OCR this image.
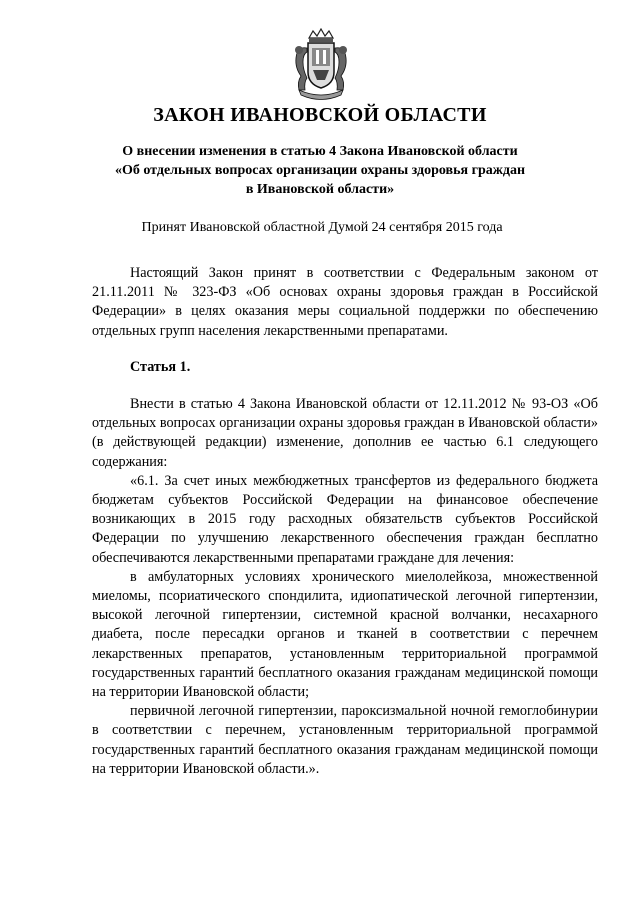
ЗАКОН ИВАНОВСКОЙ ОБЛАСТИ
О внесении изменения в статью 4 Закона Ивановской области
«Об отдельных вопросах организации охраны здоровья граждан
в Ивановской области»
Принят Ивановской областной Думой 24 сентября 2015 года

Настоящий Закон принят в соответствии с Федеральным законом от 21.11.2011 № 323-ФЗ «Об основах охраны здоровья граждан в Российской Федерации» в целях оказания меры социальной поддержки по обеспечению отдельных групп населения лекарственными препаратами.

Статья 1.

Внести в статью 4 Закона Ивановской области от 12.11.2012 № 93-ОЗ «Об отдельных вопросах организации охраны здоровья граждан в Ивановской области» (в действующей редакции) изменение, дополнив ее частью 6.1 следующего содержания:

«6.1. За счет иных межбюджетных трансфертов из федерального бюджета бюджетам субъектов Российской Федерации на финансовое обеспечение возникающих в 2015 году расходных обязательств субъектов Российской Федерации по улучшению лекарственного обеспечения граждан бесплатно обеспечиваются лекарственными препаратами граждане для лечения:

в амбулаторных условиях хронического миелолейкоза, множественной миеломы, псориатического спондилита, идиопатической легочной гипертензии, высокой легочной гипертензии, системной красной волчанки, несахарного диабета, после пересадки органов и тканей в соответствии с перечнем лекарственных препаратов, установленным территориальной программой государственных гарантий бесплатного оказания гражданам медицинской помощи на территории Ивановской области;

первичной легочной гипертензии, пароксизмальной ночной гемоглобинурии в соответствии с перечнем, установленным территориальной программой государственных гарантий бесплатного оказания гражданам медицинской помощи на территории Ивановской области.».
